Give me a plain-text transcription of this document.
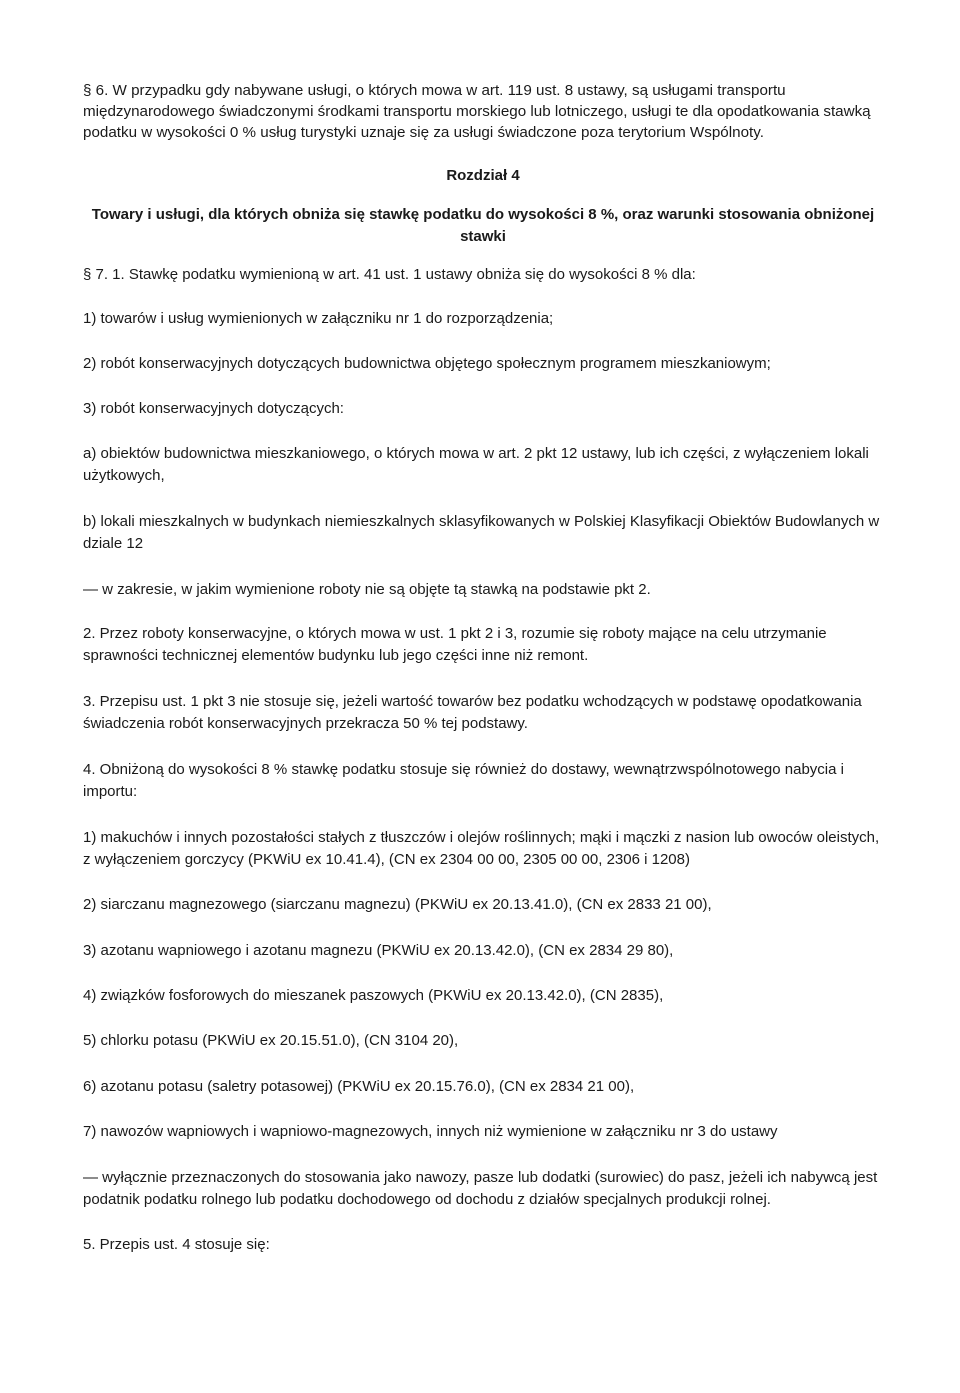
§ 6. W przypadku gdy nabywane usługi, o których mowa w art. 119 ust. 8 ustawy, są usługami transportu międzynarodowego świadczonymi środkami transportu morskiego lub lotniczego, usługi te dla opodatkowania stawką podatku w wysokości 0 % usług turystyki uznaje się za usługi świadczone poza terytorium Wspólnoty.

Rozdział 4

Towary i usługi, dla których obniża się stawkę podatku do wysokości 8 %, oraz warunki stosowania obniżonej stawki

§ 7. 1. Stawkę podatku wymienioną w art. 41 ust. 1 ustawy obniża się do wysokości 8 % dla:

1) towarów i usług wymienionych w załączniku nr 1 do rozporządzenia;

2) robót konserwacyjnych dotyczących budownictwa objętego społecznym programem mieszkaniowym;

3) robót konserwacyjnych dotyczących:

a) obiektów budownictwa mieszkaniowego, o których mowa w art. 2 pkt 12 ustawy, lub ich części, z wyłączeniem lokali użytkowych,

b) lokali mieszkalnych w budynkach niemieszkalnych sklasyfikowanych w Polskiej Klasyfikacji Obiektów Budowlanych w dziale 12

— w zakresie, w jakim wymienione roboty nie są objęte tą stawką na podstawie pkt 2.

2. Przez roboty konserwacyjne, o których mowa w ust. 1 pkt 2 i 3, rozumie się roboty mające na celu utrzymanie sprawności technicznej elementów budynku lub jego części inne niż remont.

3. Przepisu ust. 1 pkt 3 nie stosuje się, jeżeli wartość towarów bez podatku wchodzących w podstawę opodatkowania świadczenia robót konserwacyjnych przekracza 50 % tej podstawy.

4. Obniżoną do wysokości 8 % stawkę podatku stosuje się również do dostawy, wewnątrzwspólnotowego nabycia i importu:

1) makuchów i innych pozostałości stałych z tłuszczów i olejów roślinnych; mąki i mączki z nasion lub owoców oleistych, z wyłączeniem gorczycy (PKWiU ex 10.41.4), (CN ex 2304 00 00, 2305 00 00, 2306 i 1208)

2) siarczanu magnezowego (siarczanu magnezu) (PKWiU ex 20.13.41.0), (CN ex 2833 21 00),

3) azotanu wapniowego i azotanu magnezu (PKWiU ex 20.13.42.0), (CN ex 2834 29 80),

4) związków fosforowych do mieszanek paszowych (PKWiU ex 20.13.42.0), (CN 2835),

5) chlorku potasu (PKWiU ex 20.15.51.0), (CN 3104 20),

6) azotanu potasu (saletry potasowej) (PKWiU ex 20.15.76.0), (CN ex 2834 21 00),

7) nawozów wapniowych i wapniowo-magnezowych, innych niż wymienione w załączniku nr 3 do ustawy

— wyłącznie przeznaczonych do stosowania jako nawozy, pasze lub dodatki (surowiec) do pasz, jeżeli ich nabywcą jest podatnik podatku rolnego lub podatku dochodowego od dochodu z działów specjalnych produkcji rolnej.

5. Przepis ust. 4 stosuje się:
